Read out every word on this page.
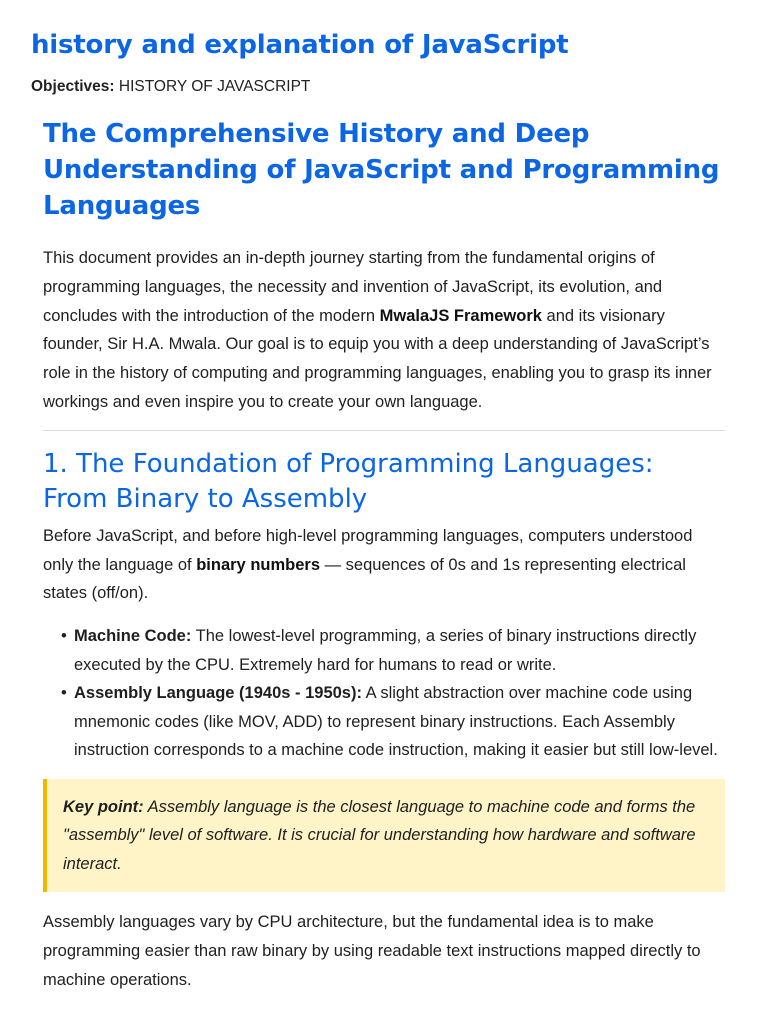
history and explanation of JavaScript

Objectives: HISTORY OF JAVASCRIPT

The Comprehensive History and Deep Understanding of JavaScript and Programming Languages

This document provides an in-depth journey starting from the fundamental origins of programming languages, the necessity and invention of JavaScript, its evolution, and concludes with the introduction of the modern MwalaJS Framework and its visionary founder, Sir H.A. Mwala. Our goal is to equip you with a deep understanding of JavaScript’s role in the history of computing and programming languages, enabling you to grasp its inner workings and even inspire you to create your own language.

1. The Foundation of Programming Languages: From Binary to Assembly

Before JavaScript, and before high-level programming languages, computers understood only the language of binary numbers — sequences of 0s and 1s representing electrical states (off/on).

• Machine Code: The lowest-level programming, a series of binary instructions directly executed by the CPU. Extremely hard for humans to read or write.
• Assembly Language (1940s - 1950s): A slight abstraction over machine code using mnemonic codes (like MOV, ADD) to represent binary instructions. Each Assembly instruction corresponds to a machine code instruction, making it easier but still low-level.
Key point: Assembly language is the closest language to machine code and forms the "assembly" level of software. It is crucial for understanding how hardware and software interact.

Assembly languages vary by CPU architecture, but the fundamental idea is to make programming easier than raw binary by using readable text instructions mapped directly to machine operations.
